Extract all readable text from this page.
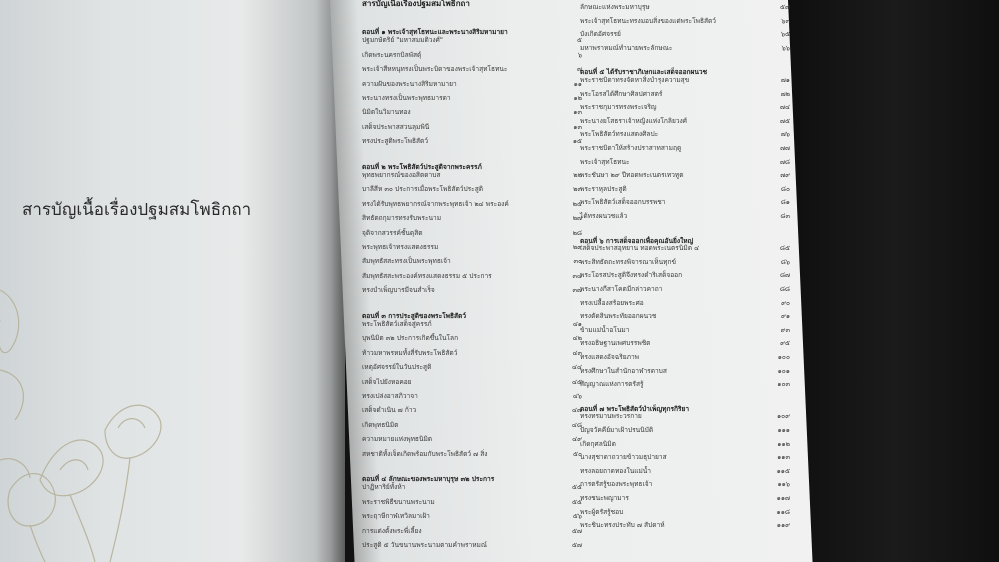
สารบัญเนื้อเรื่องปฐมสมโพธิกถา
สารบัญเนื้อเรื่องปฐมสมโพธิกถา
ตอนที่ ๑ พระเจ้าสุทโธทนะและพระนางสิริมหามายา
ปฐมกษัตริย์ "มหาสมมติวงศ์"	๕
เกิดพระนครกบิลพัสดุ์	๖
พระเจ้าสีหหนุทรงเป็นพระบิดาของพระเจ้าสุทโธทนะ	๗
ความฝันของพระนางสิริมหามายา	๑๑
พระนางทรงเป็นพระพุทธมารดา	๑๒
นิมิตในวิมานทอง	๑๓
เสด็จประพาสสวนลุมพินี	๑๓
ทรงประสูติพระโพธิสัตว์	๑๕
ตอนที่ ๒ พระโพธิสัตว์ประสูติจากพระครรภ์
พุทธพยากรณ์ของอสิตดาบส	๒๒
บาลีสีห ๓๐ ประการเมื่อพระโพธิสัตว์ประสูติ	๒๓
ทรงได้รับพุทธพยากรณ์จากพระพุทธเจ้า ๒๔ พระองค์	๒๕
สิทธัตถกุมารทรงรับพระนาม	๒๗
จุติจากสวรรค์ชั้นดุสิต	๒๘
พระพุทธเจ้าทรงแสดงธรรม	๒๙
สัมพุทธัสสะทรงเป็นพระพุทธเจ้า	๓๐
สัมพุทธัสสะพระองค์ทรงแสดงธรรม ๕ ประการ	๓๔
ทรงบำเพ็ญบารมีจนสำเร็จ	๓๗
ตอนที่ ๓ การประสูติของพระโพธิสัตว์
พระโพธิสัตว์เสด็จสู่ครรภ์	๔๑
บุพนิมิต ๓๒ ประการเกิดขึ้นในโลก	๔๒
ท้าวมหาพรหมทั้งสี่รับพระโพธิสัตว์	๔๓
เหตุอัศจรรย์ในวันประสูติ	๔๔
เสด็จไปยังหอคอย	๔๕
ทรงเปล่งอาสภิวาจา	๔๖
เสด็จดำเนิน ๗ ก้าว	๔๗
เกิดพุทธนิมิต	๔๘
ความหมายแห่งพุทธนิมิต	๔๙
สหชาติทั้งเจ็ดเกิดพร้อมกับพระโพธิสัตว์ ๗ สิ่ง	๕๐
ตอนที่ ๔ ลักษณะของพระมหาบุรุษ ๓๒ ประการ
ปาฏิหาริย์ทั้งห้า	๕๕
พระราชพิธีขนานพระนาม	๕๕
พระฤาษีกาฬเทวิลมาเฝ้า	๕๖
การแต่งตั้งพระพี่เลี้ยง	๕๗
ประสูติ ๕ วันขนานพระนามตามคำพราหมณ์	๕๗
ลักษณะแห่งพระมหาบุรุษ	๕๗
พระเจ้าสุทโธทนะทรงมอบสิ่งของแด่พระโพธิสัตว์	๖๓
บังเกิดอัศจรรย์	๖๕
มหาพราหมณ์ทำนายพระลักษณะ	๖๖
ตอนที่ ๕ ได้รับราชาภิเษกและเสด็จออกผนวช
พระราชบิดาทรงจัดหาสิ่งบำรุงความสุข	๗๑
พระโอรสได้ศึกษาศิลปศาสตร์	๗๒
พระราชกุมารทรงพระเจริญ	๗๔
พระนางยโสธราเจ้าหญิงแห่งโกลิยวงศ์	๗๕
พระโพธิสัตว์ทรงแสดงศิลปะ	๗๖
พระราชบิดาให้สร้างปราสาทสามฤดู	๗๗
พระเจ้าสุทโธทนะ	๗๘
พระชันษา ๒๙ ปีทอดพระเนตรเทวทูต	๗๙
พระราหุลประสูติ	๘๐
พระโพธิสัตว์เสด็จออกบรรพชา	๘๑
ได้ทรงผนวชแล้ว	๘๓
ตอนที่ ๖ การเสด็จออกเพื่อคุณอันยิ่งใหญ่
เสด็จประพาสอุทยาน ทอดพระเนตรนิมิต ๔	๘๕
พระสิทธัตถะทรงพิจารณาเห็นทุกข์	๘๖
พระโอรสประสูติจึงทรงดำริเสด็จออก	๘๗
พระนางกีสาโคตมีกล่าวคาถา	๘๘
ทรงเปลื้องสร้อยพระศอ	๙๐
ทรงตัดสินพระทัยออกผนวช	๙๑
ข้ามแม่น้ำอโนมา	๙๓
ทรงอธิษฐานเพศบรรพชิต	๙๕
ทรงแสดงอัจฉริยภาพ	๑๐๐
ทรงศึกษาในสำนักอาฬารดาบส	๑๐๑
สัญญาณแห่งการตรัสรู้	๑๐๓
ตอนที่ ๗ พระโพธิสัตว์บำเพ็ญทุกรกิริยา
ทรงทรมานพระวรกาย	๑๐๙
ปัญจวัคคีย์มาเฝ้าปรนนิบัติ	๑๑๑
เกิดกุศลนิมิต	๑๑๒
นางสุชาดาถวายข้าวมธุปายาส	๑๑๓
ทรงลอยถาดทองในแม่น้ำ	๑๑๕
การตรัสรู้ของพระพุทธเจ้า	๑๑๖
ทรงชนะพญามาร	๑๑๗
พระผู้ตรัสรู้ชอบ	๑๑๘
พระชินะทรงประทับ ๗ สัปดาห์	๑๑๙
